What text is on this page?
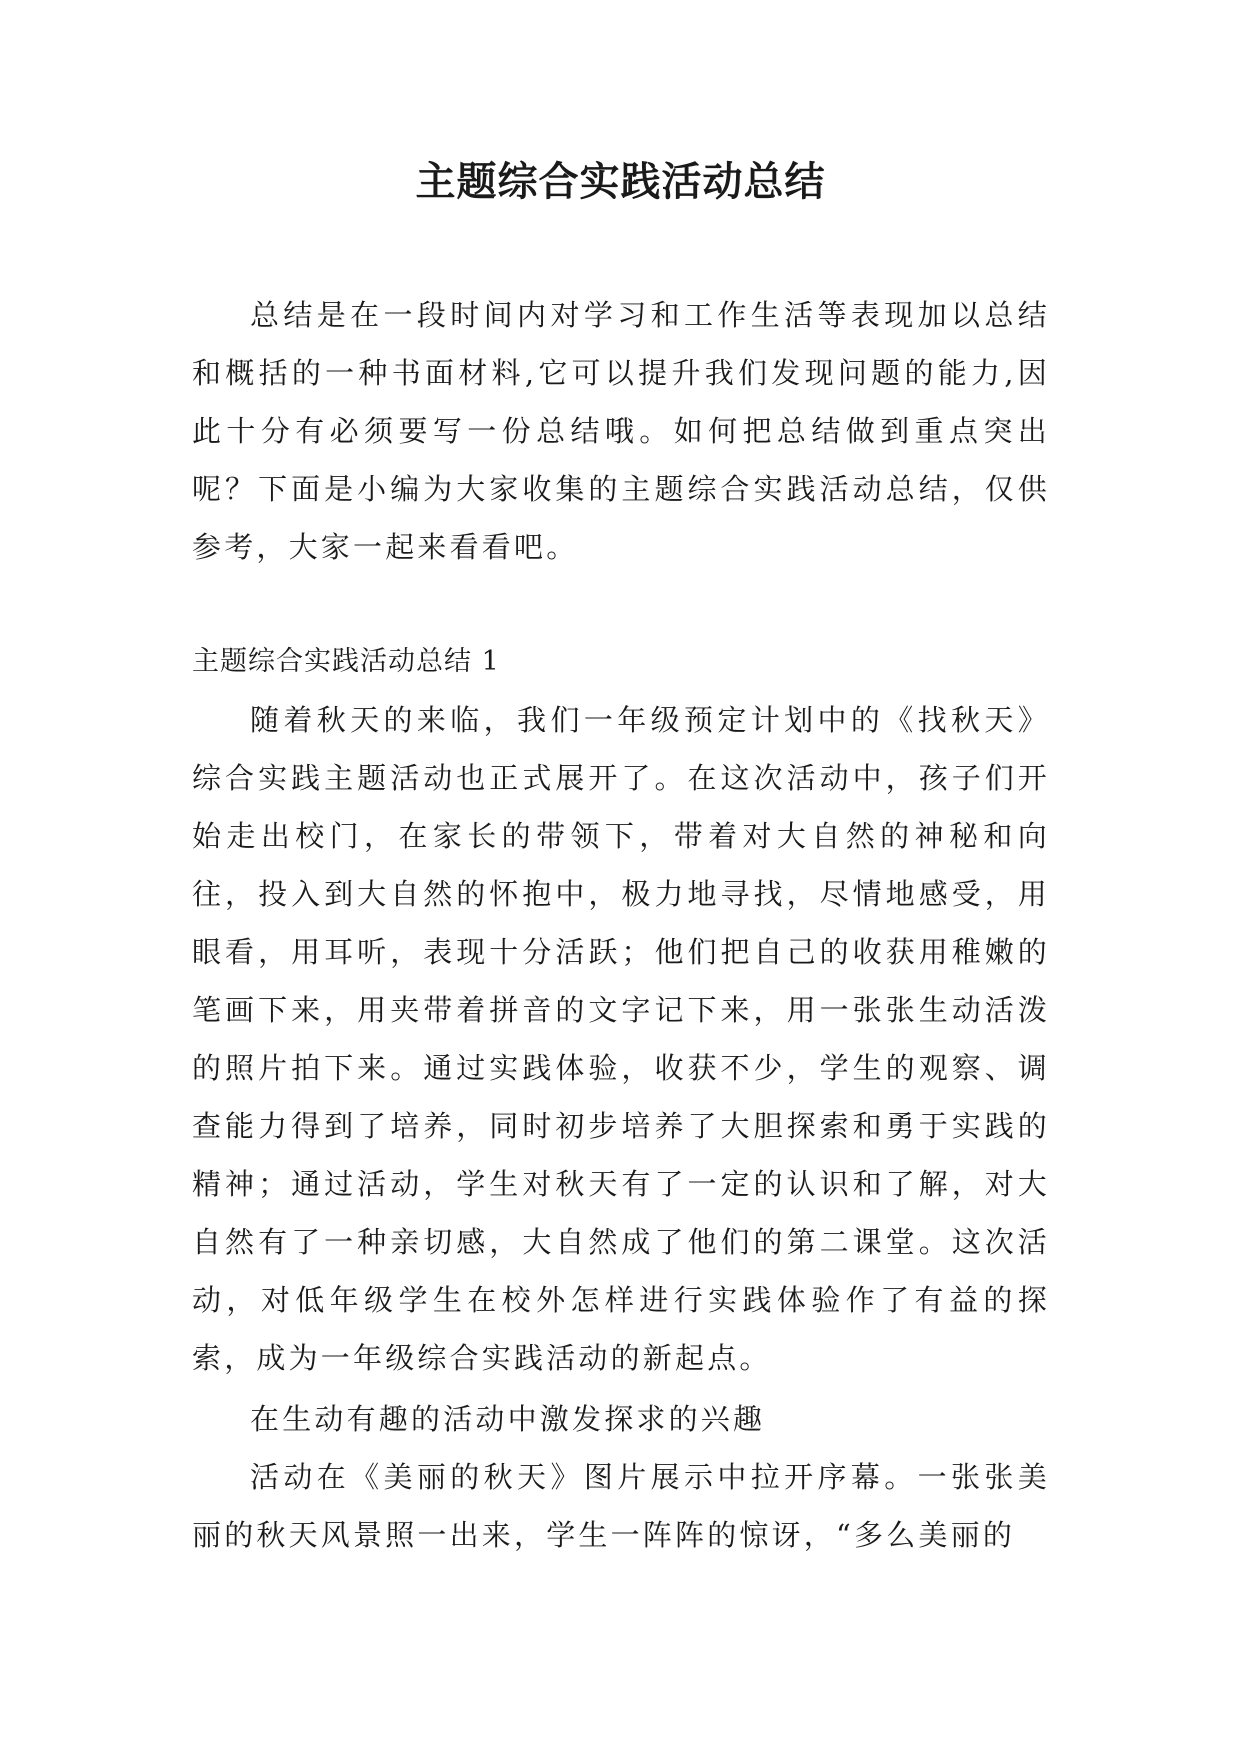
主题综合实践活动总结

总结是在一段时间内对学习和工作生活等表现加以总结和概括的一种书面材料,它可以提升我们发现问题的能力,因此十分有必须要写一份总结哦。如何把总结做到重点突出呢？下面是小编为大家收集的主题综合实践活动总结，仅供参考，大家一起来看看吧。

主题综合实践活动总结 1

随着秋天的来临，我们一年级预定计划中的《找秋天》综合实践主题活动也正式展开了。在这次活动中，孩子们开始走出校门，在家长的带领下，带着对大自然的神秘和向往，投入到大自然的怀抱中，极力地寻找，尽情地感受，用眼看，用耳听，表现十分活跃；他们把自己的收获用稚嫩的笔画下来，用夹带着拼音的文字记下来，用一张张生动活泼的照片拍下来。通过实践体验，收获不少，学生的观察、调查能力得到了培养，同时初步培养了大胆探索和勇于实践的精神；通过活动，学生对秋天有了一定的认识和了解，对大自然有了一种亲切感，大自然成了他们的第二课堂。这次活动，对低年级学生在校外怎样进行实践体验作了有益的探索，成为一年级综合实践活动的新起点。

在生动有趣的活动中激发探求的兴趣

活动在《美丽的秋天》图片展示中拉开序幕。一张张美丽的秋天风景照一出来，学生一阵阵的惊讶，“多么美丽的
